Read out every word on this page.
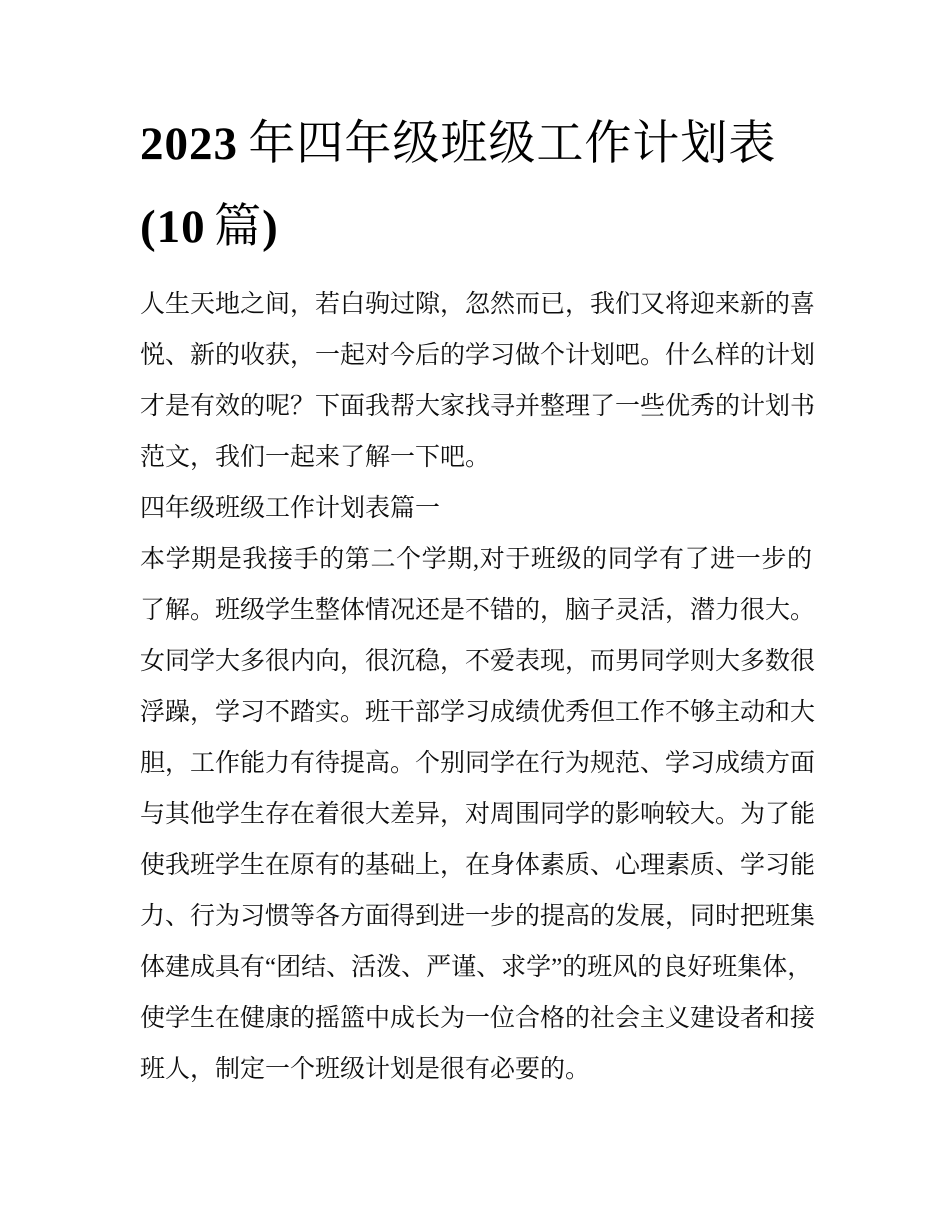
2023 年四年级班级工作计划表
(10 篇)
人生天地之间，若白驹过隙，忽然而已，我们又将迎来新的喜
悦、新的收获，一起对今后的学习做个计划吧。什么样的计划
才是有效的呢？下面我帮大家找寻并整理了一些优秀的计划书
范文，我们一起来了解一下吧。
四年级班级工作计划表篇一
本学期是我接手的第二个学期,对于班级的同学有了进一步的
了解。班级学生整体情况还是不错的，脑子灵活，潜力很大。
女同学大多很内向，很沉稳，不爱表现，而男同学则大多数很
浮躁，学习不踏实。班干部学习成绩优秀但工作不够主动和大
胆，工作能力有待提高。个别同学在行为规范、学习成绩方面
与其他学生存在着很大差异，对周围同学的影响较大。为了能
使我班学生在原有的基础上，在身体素质、心理素质、学习能
力、行为习惯等各方面得到进一步的提高的发展，同时把班集
体建成具有“团结、活泼、严谨、求学”的班风的良好班集体，
使学生在健康的摇篮中成长为一位合格的社会主义建设者和接
班人，制定一个班级计划是很有必要的。
